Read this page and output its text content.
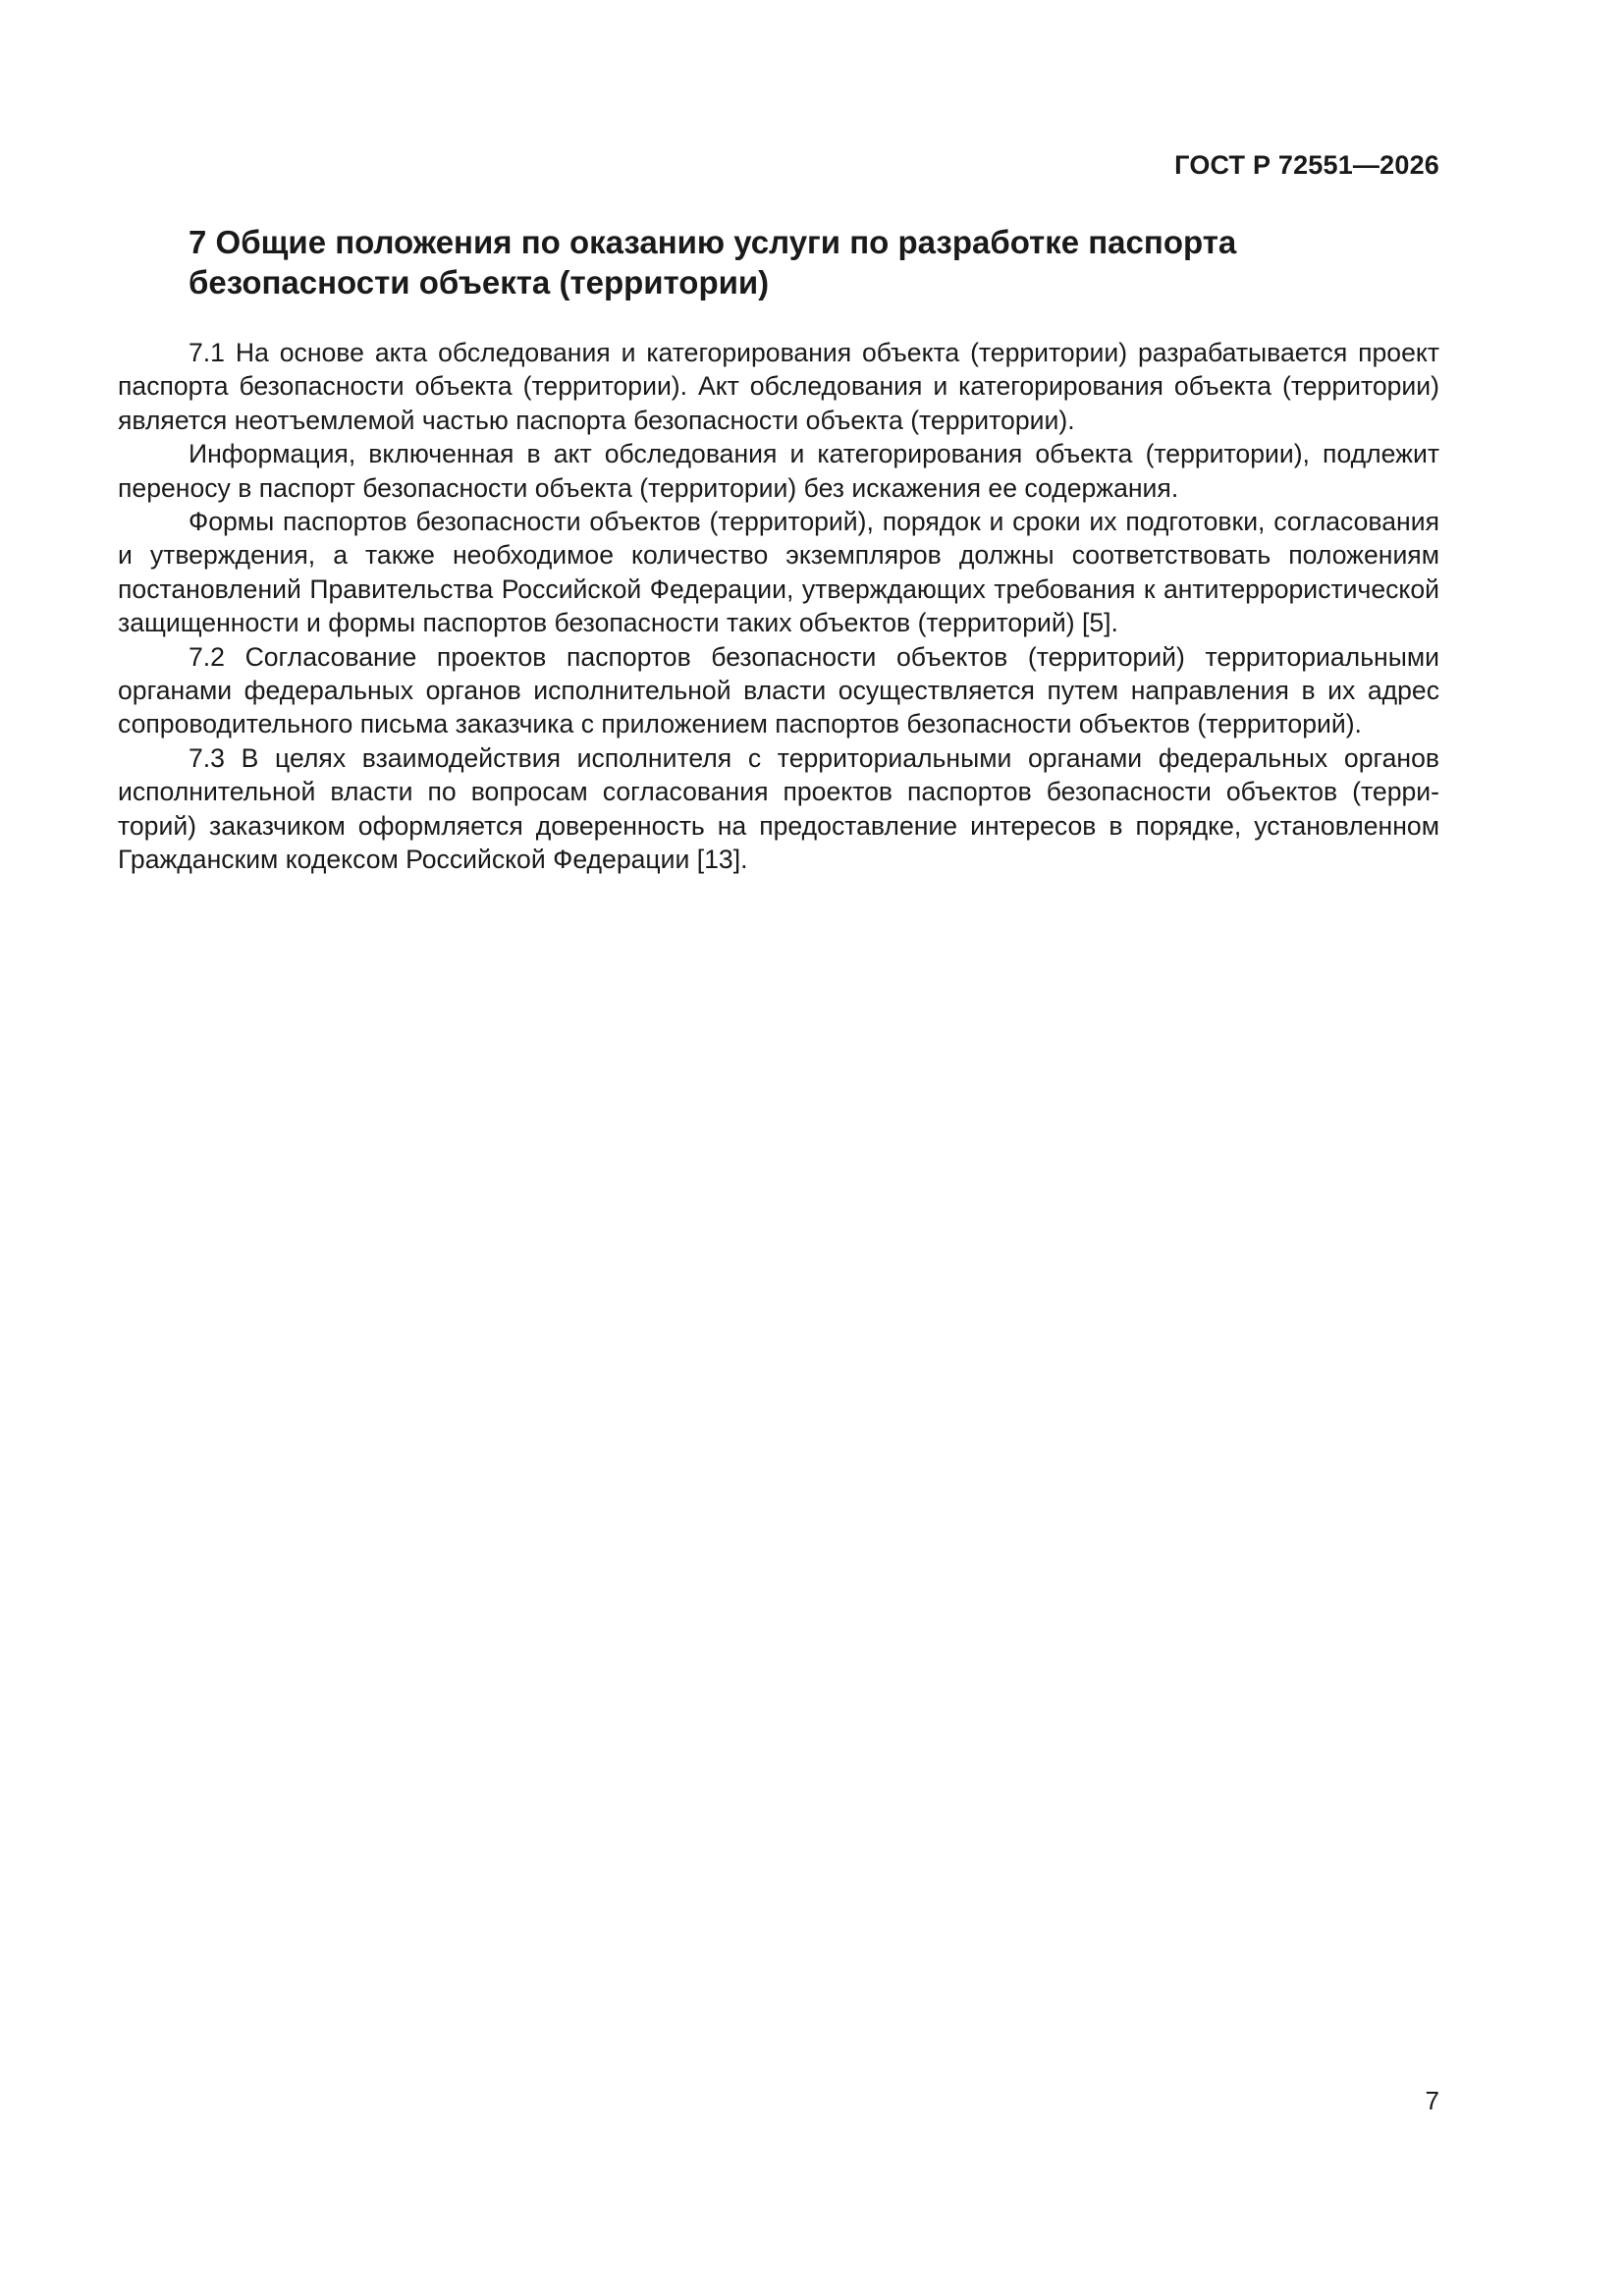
ГОСТ Р 72551—2026
7 Общие положения по оказанию услуги по разработке паспорта
безопасности объекта (территории)

7.1 На основе акта обследования и категорирования объекта (территории) разрабатывается проект паспорта безопасности объекта (территории). Акт обследования и категорирования объекта (территории) является неотъемлемой частью паспорта безопасности объекта (территории).

Информация, включенная в акт обследования и категорирования объекта (территории), подлежит переносу в паспорт безопасности объекта (территории) без искажения ее содержания.

Формы паспортов безопасности объектов (территорий), порядок и сроки их подготовки, согласования и утверждения, а также необходимое количество экземпляров должны соответствовать положениям постановлений Правительства Российской Федерации, утверждающих требования к антитеррористической защищенности и формы паспортов безопасности таких объектов (территорий) [5].

7.2 Согласование проектов паспортов безопасности объектов (территорий) территориальными органами федеральных органов исполнительной власти осуществляется путем направления в их адрес сопроводительного письма заказчика с приложением паспортов безопасности объектов (территорий).

7.3 В целях взаимодействия исполнителя с территориальными органами федеральных органов исполнительной власти по вопросам согласования проектов паспортов безопасности объектов (территорий) заказчиком оформляется доверенность на предоставление интересов в порядке, установленном Гражданским кодексом Российской Федерации [13].

7
